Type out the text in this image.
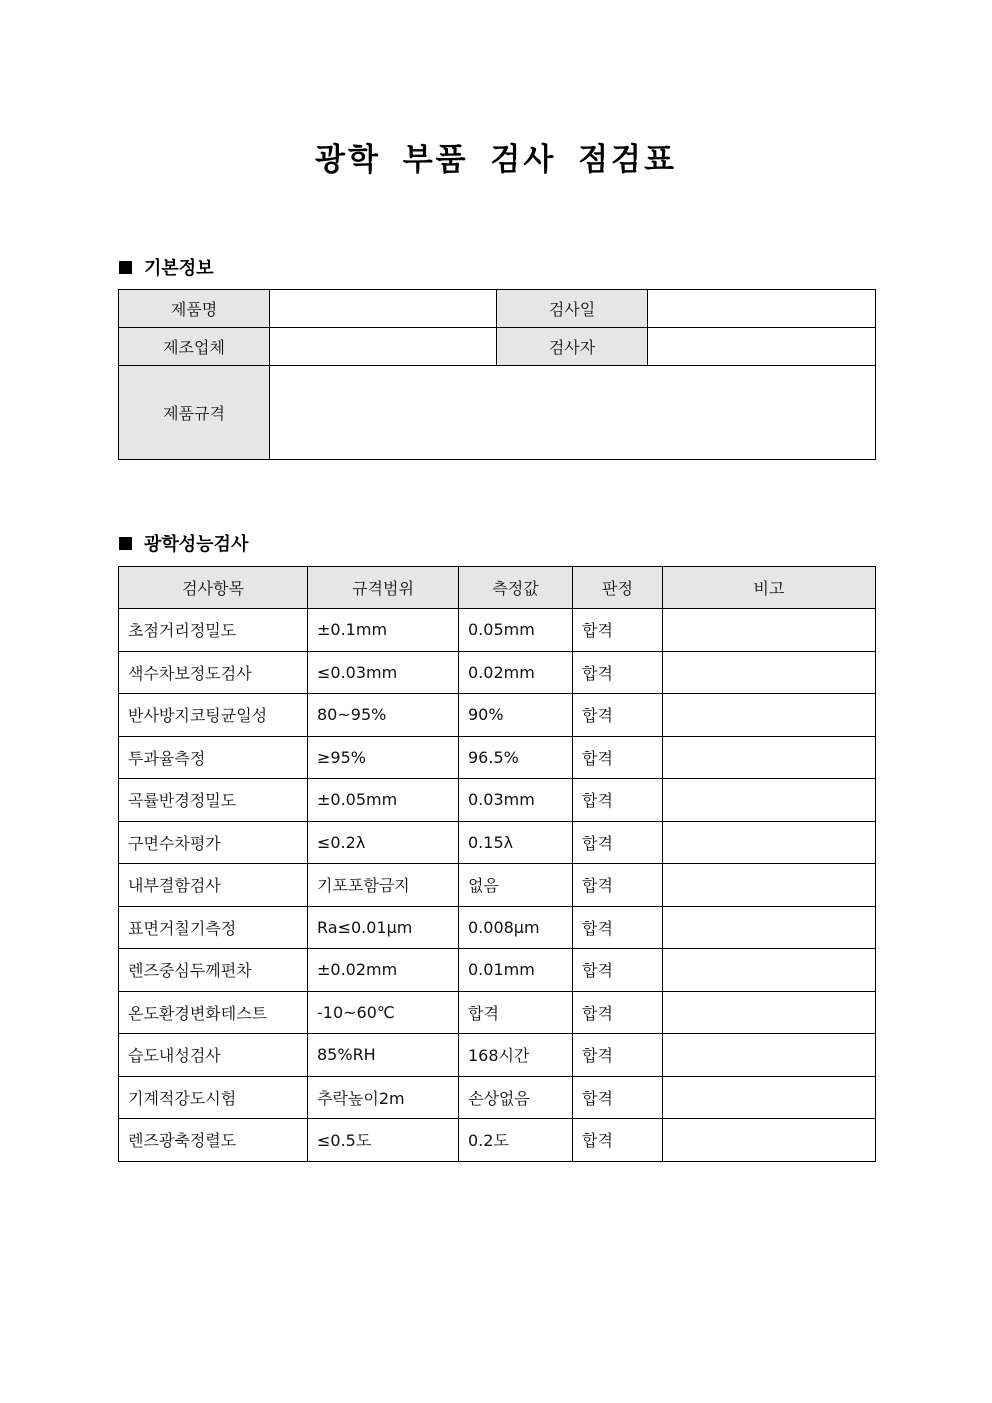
광학 부품 검사 점검표
기본정보
제품명		검사일	
제조업체		검사자	
제품규격			
광학성능검사
검사항목	규격범위	측정값	판정	비고
초점거리정밀도	±0.1mm	0.05mm	합격	
색수차보정도검사	≤0.03mm	0.02mm	합격	
반사방지코팅균일성	80~95%	90%	합격	
투과율측정	≥95%	96.5%	합격	
곡률반경정밀도	±0.05mm	0.03mm	합격	
구면수차평가	≤0.2λ	0.15λ	합격	
내부결함검사	기포포함금지	없음	합격	
표면거칠기측정	Ra≤0.01μm	0.008μm	합격	
렌즈중심두께편차	±0.02mm	0.01mm	합격	
온도환경변화테스트	-10~60℃	합격	합격	
습도내성검사	85%RH	168시간	합격	
기계적강도시험	추락높이2m	손상없음	합격	
렌즈광축정렬도	≤0.5도	0.2도	합격	
